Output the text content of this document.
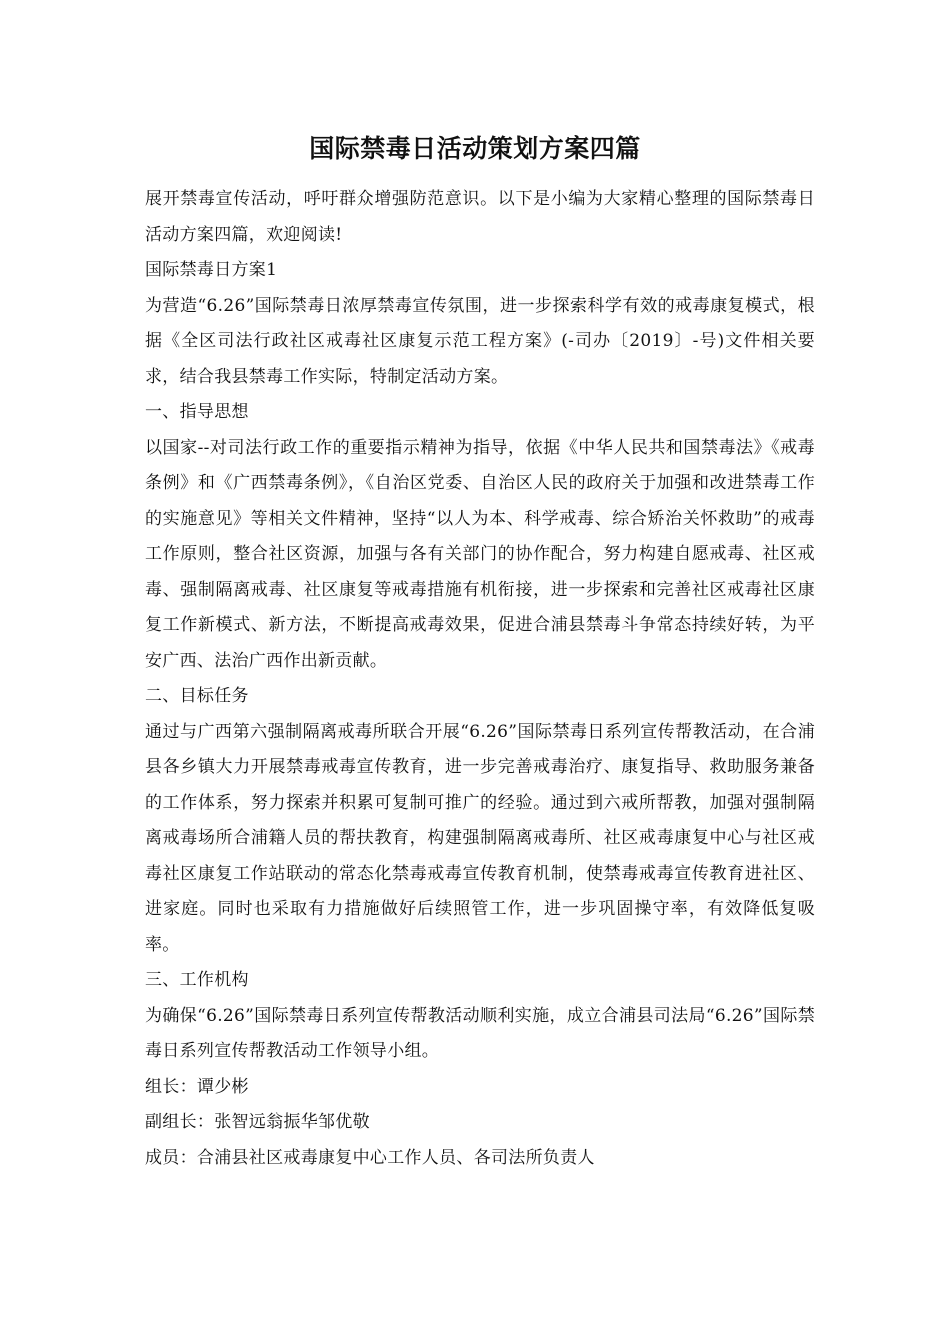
国际禁毒日活动策划方案四篇

展开禁毒宣传活动，呼吁群众增强防范意识。以下是小编为大家精心整理的国际禁毒日活动方案四篇，欢迎阅读!

国际禁毒日方案1

为营造“6.26”国际禁毒日浓厚禁毒宣传氛围，进一步探索科学有效的戒毒康复模式，根据《全区司法行政社区戒毒社区康复示范工程方案》(-司办〔2019〕-号)文件相关要求，结合我县禁毒工作实际，特制定活动方案。

一、指导思想

以国家--对司法行政工作的重要指示精神为指导，依据《中华人民共和国禁毒法》《戒毒条例》和《广西禁毒条例》，《自治区党委、自治区人民的政府关于加强和改进禁毒工作的实施意见》等相关文件精神，坚持“以人为本、科学戒毒、综合矫治关怀救助”的戒毒工作原则，整合社区资源，加强与各有关部门的协作配合，努力构建自愿戒毒、社区戒毒、强制隔离戒毒、社区康复等戒毒措施有机衔接，进一步探索和完善社区戒毒社区康复工作新模式、新方法，不断提高戒毒效果，促进合浦县禁毒斗争常态持续好转，为平安广西、法治广西作出新贡献。

二、目标任务

通过与广西第六强制隔离戒毒所联合开展“6.26”国际禁毒日系列宣传帮教活动，在合浦县各乡镇大力开展禁毒戒毒宣传教育，进一步完善戒毒治疗、康复指导、救助服务兼备的工作体系，努力探索并积累可复制可推广的经验。通过到六戒所帮教，加强对强制隔离戒毒场所合浦籍人员的帮扶教育，构建强制隔离戒毒所、社区戒毒康复中心与社区戒毒社区康复工作站联动的常态化禁毒戒毒宣传教育机制，使禁毒戒毒宣传教育进社区、进家庭。同时也采取有力措施做好后续照管工作，进一步巩固操守率，有效降低复吸率。

三、工作机构

为确保“6.26”国际禁毒日系列宣传帮教活动顺利实施，成立合浦县司法局“6.26”国际禁毒日系列宣传帮教活动工作领导小组。

组长：谭少彬

副组长：张智远翁振华邹优敬

成员：合浦县社区戒毒康复中心工作人员、各司法所负责人
